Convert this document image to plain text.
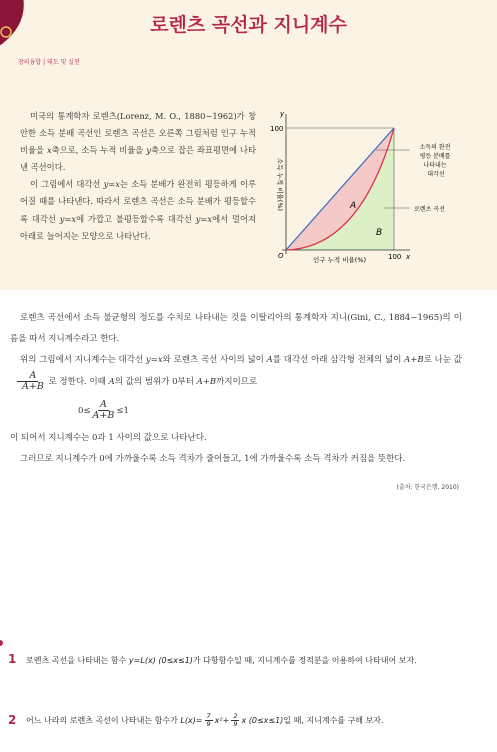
로렌츠 곡선과 지니계수
창의융합 | 태도 및 실천
미국의 통계학자 로렌츠(Lorenz, M. O., 1880~1962)가 창안한 소득 분배 곡선인 로렌츠 곡선은 오른쪽 그림처럼 인구 누적 비율을 x축으로, 소득 누적 비율을 y축으로 잡은 좌표평면에 나타낸 곡선이다.
이 그림에서 대각선 y=x는 소득 분배가 완전히 평등하게 이루어질 때를 나타낸다. 따라서 로렌츠 곡선은 소득 분배가 평등할수록 대각선 y=x에 가깝고 불평등할수록 대각선 y=x에서 멀어져 아래로 늘어지는 모양으로 나타난다.
y
x
100
100
O
A
B
인구 누적 비율(%)
소득 누적 비율(%)
소득의 완전 평등 분배를 나타내는 대각선
로렌츠 곡선
로렌츠 곡선에서 소득 불균형의 정도를 수치로 나타내는 것을 이탈리아의 통계학자 지니(Gini, C., 1884~1965)의 이름을 따서 지니계수라고 한다.
위의 그림에서 지니계수는 대각선 y=x와 로렌츠 곡선 사이의 넓이 A를 대각선 아래 삼각형 전체의 넓이 A+B로 나눈 값
$\frac{A}{A+B}$ 로 정한다. 이때 A의 값의 범위가 0부터 A+B까지이므로
$0\le \frac{A}{A+B} \le 1$
이 되어서 지니계수는 0과 1 사이의 값으로 나타난다.
그러므로 지니계수가 0에 가까울수록 소득 격차가 줄어들고, 1에 가까울수록 소득 격차가 커짐을 뜻한다.
(출처: 한국은행, 2010)
1 로렌츠 곡선을 나타내는 함수 y=L(x) (0≤x≤1)가 다항함수일 때, 지니계수를 정적분을 이용하여 나타내어 보자.
2 어느 나라의 로렌츠 곡선이 나타내는 함수가 $L(x)= \frac{7}{9} x^2+ \frac{2}{9}$ x (0≤x≤1)일 때, 지니계수를 구해 보자.
